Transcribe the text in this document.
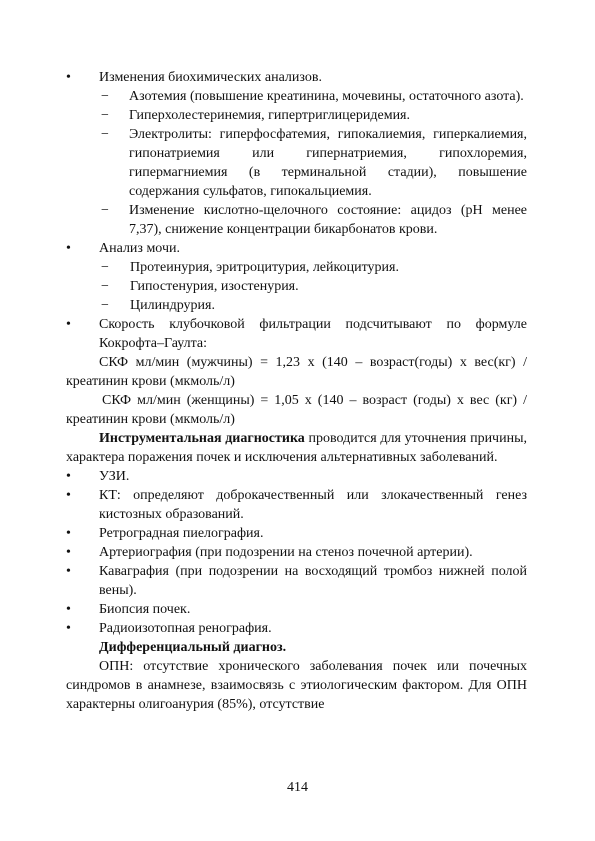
• Изменения биохимических анализов.
− Азотемия (повышение креатинина, мочевины, остаточного азота).
− Гиперхолестеринемия, гипертриглицеридемия.
− Электролиты: гиперфосфатемия, гипокалиемия, гиперкалиемия, гипонатриемия или гипернатриемия, гипохлоремия, гипермагниемия (в терминальной стадии), повышение содержания сульфатов, гипокальциемия.
− Изменение кислотно-щелочного состояние: ацидоз (pH менее 7,37), снижение концентрации бикарбонатов крови.
• Анализ мочи.
− Протеинурия, эритроцитурия, лейкоцитурия.
− Гипостенурия, изостенурия.
− Цилиндрурия.
• Скорость клубочковой фильтрации подсчитывают по формуле Кокрофта–Гаулта:
СКФ мл/мин (мужчины) = 1,23 х (140 – возраст(годы) х вес(кг) / креатинин крови (мкмоль/л)
СКФ мл/мин (женщины) = 1,05 х (140 – возраст (годы) х вес (кг) /креатинин крови (мкмоль/л)
Инструментальная диагностика проводится для уточнения причины, характера поражения почек и исключения альтернативных заболеваний.
• УЗИ.
• КТ: определяют доброкачественный или злокачественный генез кистозных образований.
• Ретроградная пиелография.
• Артериография (при подозрении на стеноз почечной артерии).
• Каваграфия (при подозрении на восходящий тромбоз нижней полой вены).
• Биопсия почек.
• Радиоизотопная ренография.
Дифференциальный диагноз.
ОПН: отсутствие хронического заболевания почек или почечных синдромов в анамнезе, взаимосвязь с этиологическим фактором. Для ОПН характерны олигоанурия (85%), отсутствие
414
